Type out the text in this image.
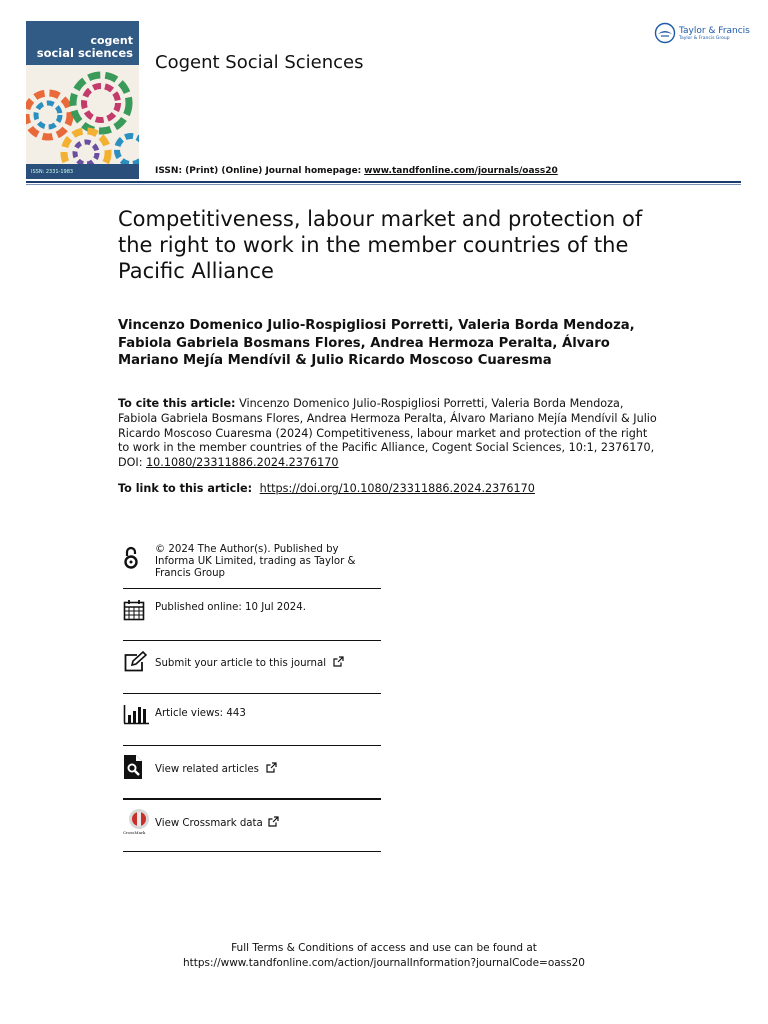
cogent
social sciences
ISSN: 2331-1983
Cogent Social Sciences
Taylor & Francis
Taylor & Francis Group
ISSN: (Print) (Online) Journal homepage: www.tandfonline.com/journals/oass20
Competitiveness, labour market and protection of the right to work in the member countries of the Pacific Alliance
Vincenzo Domenico Julio-Rospigliosi Porretti, Valeria Borda Mendoza, Fabiola Gabriela Bosmans Flores, Andrea Hermoza Peralta, Álvaro Mariano Mejía Mendívil & Julio Ricardo Moscoso Cuaresma
To cite this article: Vincenzo Domenico Julio-Rospigliosi Porretti, Valeria Borda Mendoza, Fabiola Gabriela Bosmans Flores, Andrea Hermoza Peralta, Álvaro Mariano Mejía Mendívil & Julio Ricardo Moscoso Cuaresma (2024) Competitiveness, labour market and protection of the right to work in the member countries of the Pacific Alliance, Cogent Social Sciences, 10:1, 2376170, DOI: 10.1080/23311886.2024.2376170
To link to this article: https://doi.org/10.1080/23311886.2024.2376170
© 2024 The Author(s). Published by Informa UK Limited, trading as Taylor & Francis Group
Published online: 10 Jul 2024.
Submit your article to this journal
Article views: 443
View related articles
CrossMark
View Crossmark data
Full Terms & Conditions of access and use can be found at
https://www.tandfonline.com/action/journalInformation?journalCode=oass20
